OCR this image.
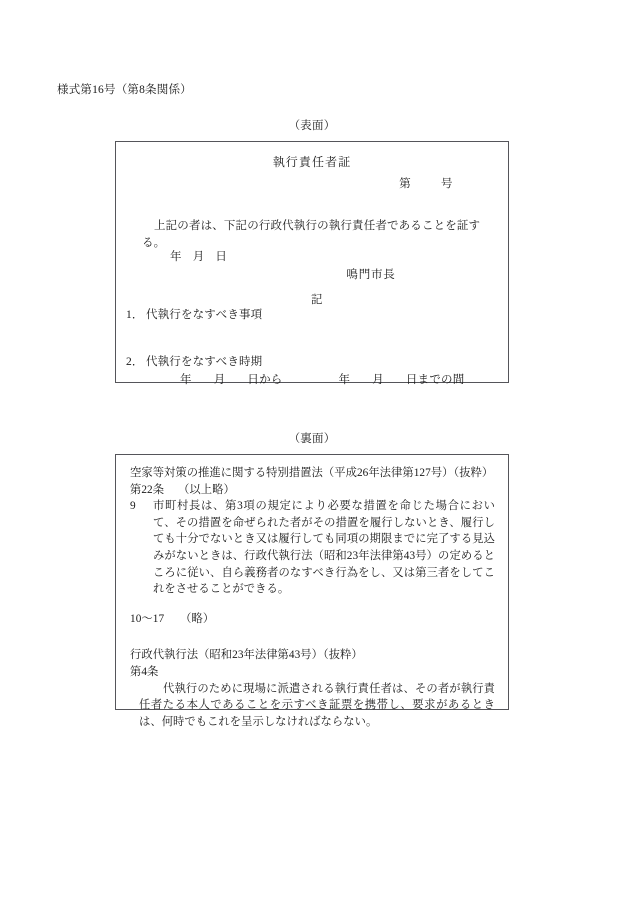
様式第16号（第8条関係）
（表面）
執行責任者証
第	号
上記の者は、下記の行政代執行の執行責任者であることを証する。
年 月 日
鳴門市長
記
1． 代執行をなすべき事項
2． 代執行をなすべき時期
年 月 日から	年 月 日までの間
（裏面）
空家等対策の推進に関する特別措置法（平成26年法律第127号）（抜粋）
第22条 （以上略）
9	市町村長は、第3項の規定により必要な措置を命じた場合において、その措置を命ぜられた者がその措置を履行しないとき、履行しても十分でないとき又は履行しても同項の期限までに完了する見込みがないときは、行政代執行法（昭和23年法律第43号）の定めるところに従い、自ら義務者のなすべき行為をし、又は第三者をしてこれをさせることができる。
10〜17 （略）
行政代執行法（昭和23年法律第43号）（抜粋）
第4条
代執行のために現場に派遣される執行責任者は、その者が執行責任者たる本人であることを示すべき証票を携帯し、要求があるときは、何時でもこれを呈示しなければならない。
